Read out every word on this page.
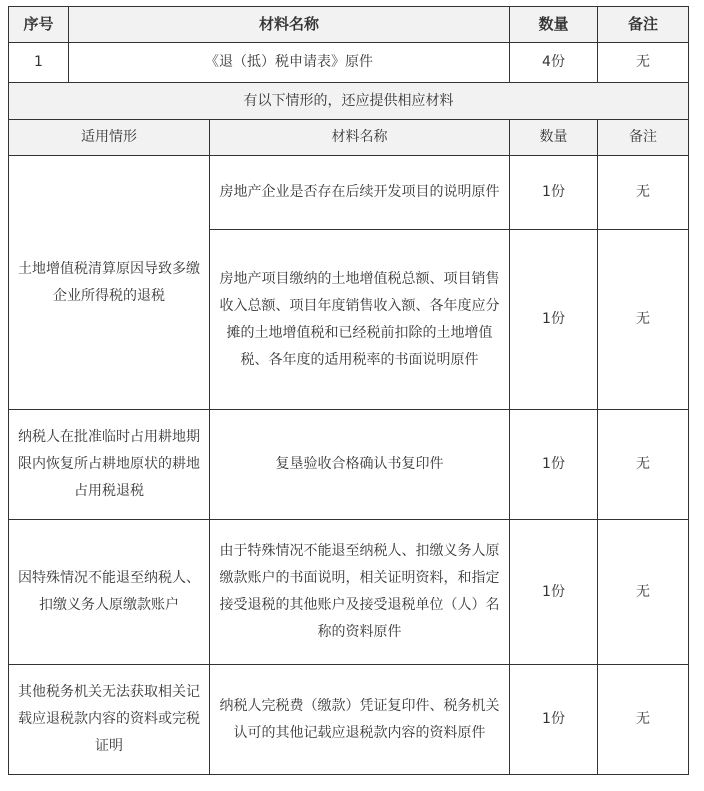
序号	材料名称		数量	备注
1	《退（抵）税申请表》原件		4份	无
有以下情形的，还应提供相应材料				
适用情形		材料名称	数量	备注
土地增值税清算原因导致多缴企业所得税的退税		房地产企业是否存在后续开发项目的说明原件	1份	无
		房地产项目缴纳的土地增值税总额、项目销售收入总额、项目年度销售收入额、各年度应分摊的土地增值税和已经税前扣除的土地增值税、各年度的适用税率的书面说明原件	1份	无
纳税人在批准临时占用耕地期限内恢复所占耕地原状的耕地占用税退税		复垦验收合格确认书复印件	1份	无
因特殊情况不能退至纳税人、扣缴义务人原缴款账户		由于特殊情况不能退至纳税人、扣缴义务人原缴款账户的书面说明，相关证明资料，和指定接受退税的其他账户及接受退税单位（人）名称的资料原件	1份	无
其他税务机关无法获取相关记载应退税款内容的资料或完税证明		纳税人完税费（缴款）凭证复印件、税务机关认可的其他记载应退税款内容的资料原件	1份	无
